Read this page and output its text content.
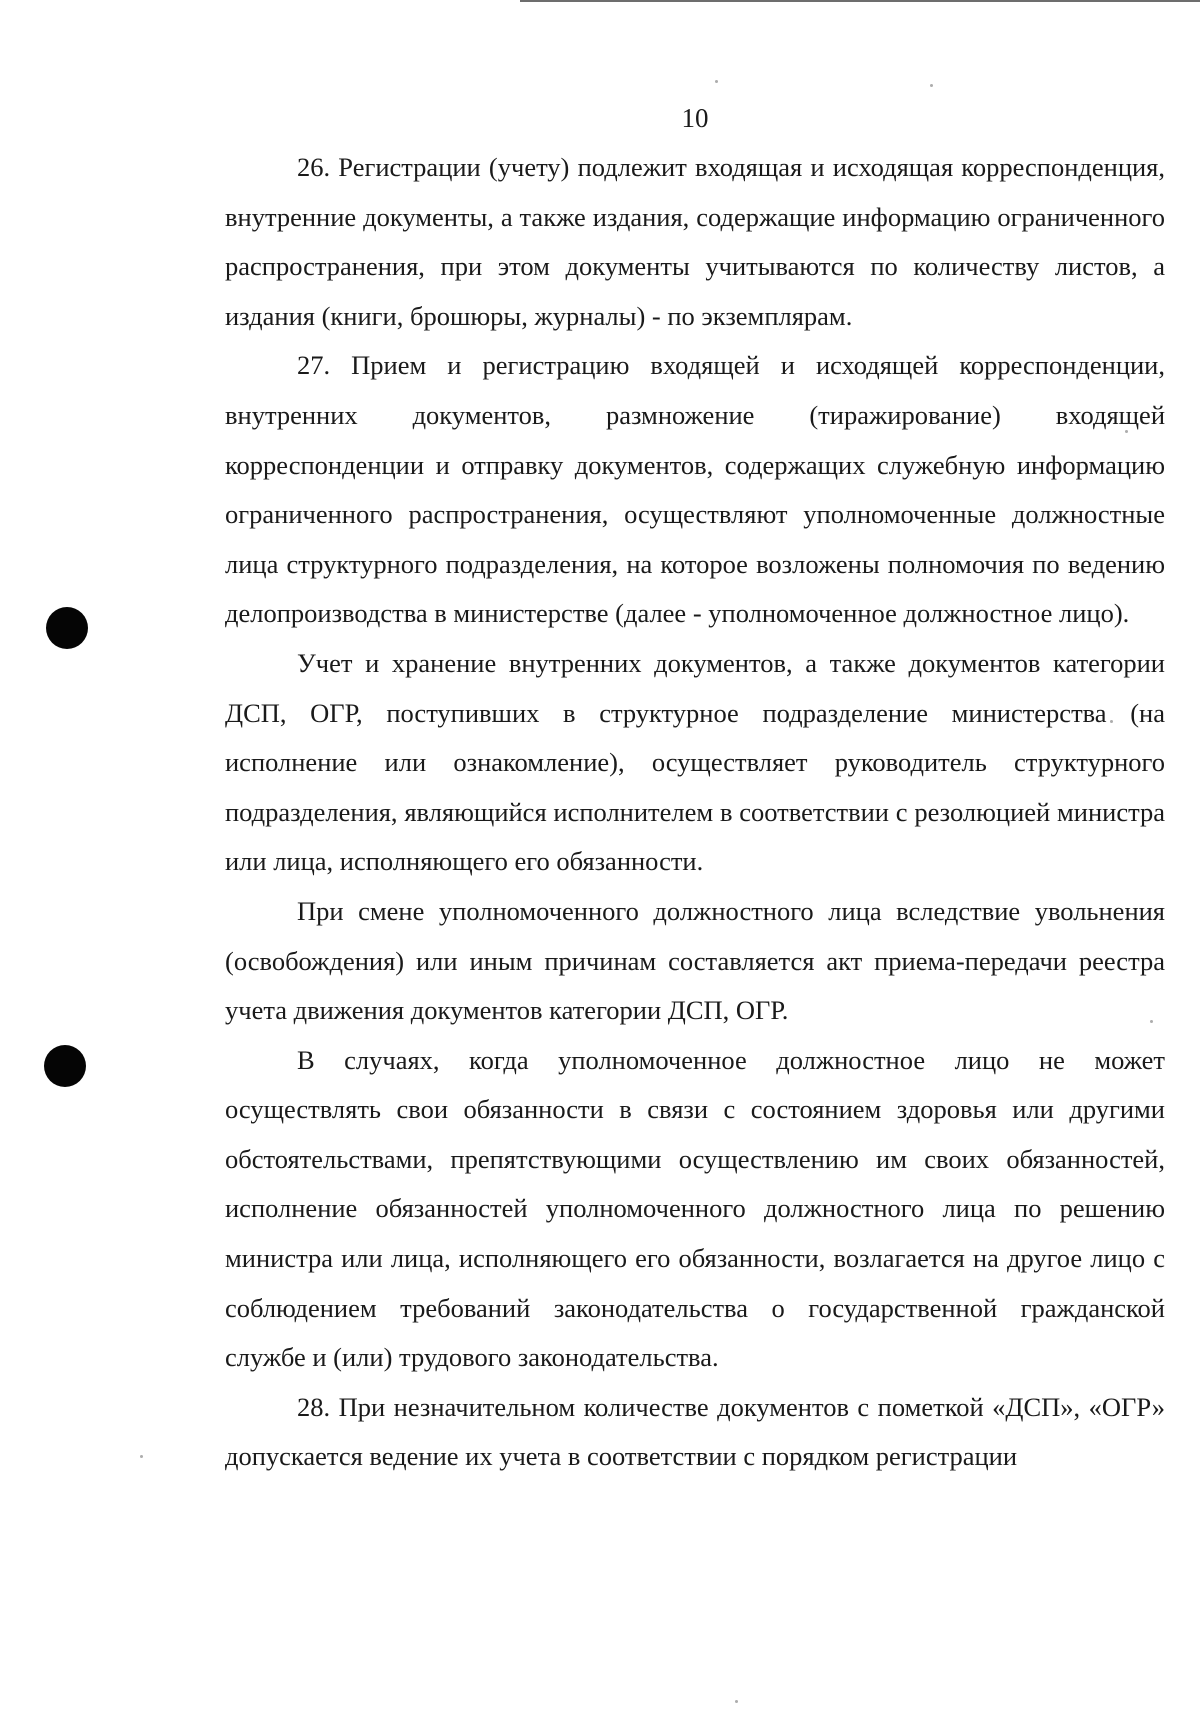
10

26. Регистрации (учету) подлежит входящая и исходящая корреспонденция, внутренние документы, а также издания, содержащие информацию ограниченного распространения, при этом документы учитываются по количеству листов, а издания (книги, брошюры, журналы) - по экземплярам.

27. Прием и регистрацию входящей и исходящей корреспонденции, внутренних документов, размножение (тиражирование) входящей корреспонденции и отправку документов, содержащих служебную информацию ограниченного распространения, осуществляют уполномоченные должностные лица структурного подразделения, на которое возложены полномочия по ведению делопроизводства в министерстве (далее - уполномоченное должностное лицо).

Учет и хранение внутренних документов, а также документов категории ДСП, ОГР, поступивших в структурное подразделение министерства (на исполнение или ознакомление), осуществляет руководитель структурного подразделения, являющийся исполнителем в соответствии с резолюцией министра или лица, исполняющего его обязанности.

При смене уполномоченного должностного лица вследствие увольнения (освобождения) или иным причинам составляется акт приема-передачи реестра учета движения документов категории ДСП, ОГР.

В случаях, когда уполномоченное должностное лицо не может осуществлять свои обязанности в связи с состоянием здоровья или другими обстоятельствами, препятствующими осуществлению им своих обязанностей, исполнение обязанностей уполномоченного должностного лица по решению министра или лица, исполняющего его обязанности, возлагается на другое лицо с соблюдением требований законодательства о государственной гражданской службе и (или) трудового законодательства.

28. При незначительном количестве документов с пометкой «ДСП», «ОГР» допускается ведение их учета в соответствии с порядком регистрации
